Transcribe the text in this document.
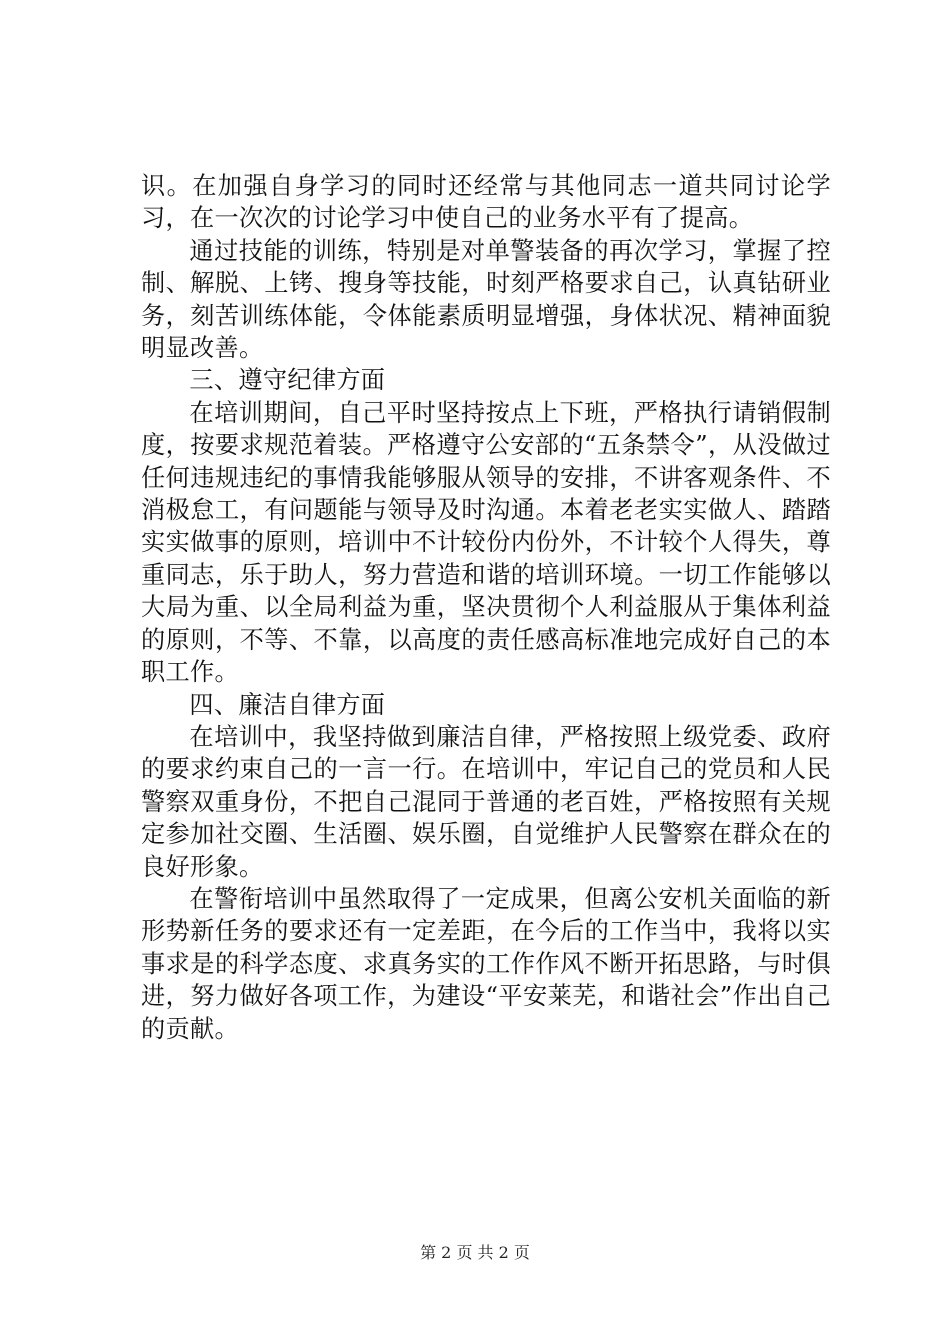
识。在加强自身学习的同时还经常与其他同志一道共同讨论学习，在一次次的讨论学习中使自己的业务水平有了提高。

通过技能的训练，特别是对单警装备的再次学习，掌握了控制、解脱、上铐、搜身等技能，时刻严格要求自己，认真钻研业务，刻苦训练体能，令体能素质明显增强，身体状况、精神面貌明显改善。

三、遵守纪律方面

在培训期间，自己平时坚持按点上下班，严格执行请销假制度，按要求规范着装。严格遵守公安部的“五条禁令”，从没做过任何违规违纪的事情我能够服从领导的安排，不讲客观条件、不消极怠工，有问题能与领导及时沟通。本着老老实实做人、踏踏实实做事的原则，培训中不计较份内份外，不计较个人得失，尊重同志，乐于助人，努力营造和谐的培训环境。一切工作能够以大局为重、以全局利益为重，坚决贯彻个人利益服从于集体利益的原则，不等、不靠，以高度的责任感高标准地完成好自己的本职工作。

四、廉洁自律方面

在培训中，我坚持做到廉洁自律，严格按照上级党委、政府的要求约束自己的一言一行。在培训中，牢记自己的党员和人民警察双重身份，不把自己混同于普通的老百姓，严格按照有关规定参加社交圈、生活圈、娱乐圈，自觉维护人民警察在群众在的良好形象。

在警衔培训中虽然取得了一定成果，但离公安机关面临的新形势新任务的要求还有一定差距，在今后的工作当中，我将以实事求是的科学态度、求真务实的工作作风不断开拓思路，与时俱进，努力做好各项工作，为建设“平安莱芜，和谐社会”作出自己的贡献。

第 2 页 共 2 页
